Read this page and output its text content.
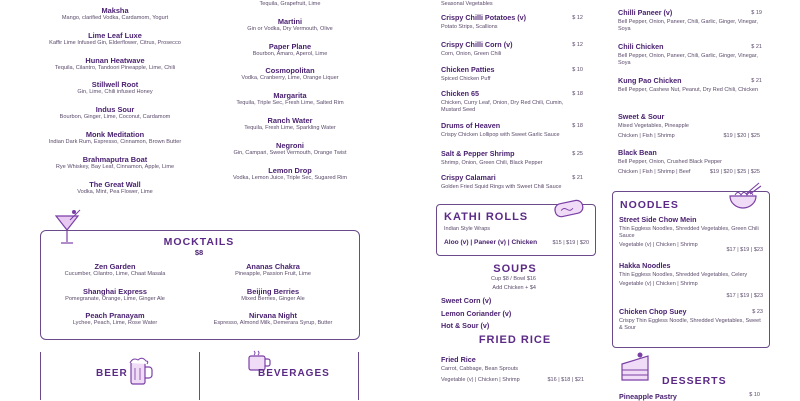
Maksha
Mango, clarified Vodka, Cardamom, Yogurt
Lime Leaf Luxe
Kaffir Lime Infused Gin, Elderflower, Citrus, Prosecco
Hunan Heatwave
Tequila, Cilantro, Tandoori Pineapple, Lime, Chili
Stillwell Root
Gin, Lime, Chili infused Honey
Indus Sour
Bourbon, Ginger, Lime, Coconut, Cardamom
Monk Meditation
Indian Dark Rum, Espresso, Cinnamon, Brown Butter
Brahmaputra Boat
Rye Whiskey, Bay Leaf, Cinnamon, Apple, Lime
The Great Wall
Vodka, Mint, Pea Flower, Lime
Tequila, Grapefruit, Lime
Martini
Gin or Vodka, Dry Vermouth, Olive
Paper Plane
Bourbon, Amaro, Aperol, Lime
Cosmopolitan
Vodka, Cranberry, Lime, Orange Liquer
Margarita
Tequila, Triple Sec, Fresh Lime, Salted Rim
Ranch Water
Tequila, Fresh Lime, Sparkling Water
Negroni
Gin, Campari, Sweet Vermouth, Orange Twist
Lemon Drop
Vodka, Lemon Juice, Triple Sec, Sugared Rim
MOCKTAILS
$8
Zen Garden
Cucumber, Cilantro, Lime, Chaat Masala
Shanghai Express
Pomegranate, Orange, Lime, Ginger Ale
Peach Pranayam
Lychee, Peach, Lime, Rose Water
Ananas Chakra
Pineapple, Passion Fruit, Lime
Beijing Berries
Mixed Berries, Ginger Ale
Nirvana Night
Espresso, Almond Milk, Demerara Syrup, Butter
BEER	BEVERAGES
Seasonal Vegetables
Crispy Chilli Potatoes (v)
Potato Strips, Scallions
$ 12
Crispy Chilli Corn (v)
Corn, Onion, Green Chili
$ 12
Chicken Patties
Spiced Chicken Puff
$ 10
Chicken 65
Chicken, Curry Leaf, Onion, Dry Red Chili, Cumin, Mustard Seed
$ 18
Drums of Heaven
Crispy Chicken Lollipop with Sweet Garlic Sauce
$ 18
Salt & Pepper Shrimp
Shrimp, Onion, Green Chili, Black Pepper
$ 25
Crispy Calamari
Golden Fried Squid Rings with Sweet Chili Sauce
$ 21
KATHI ROLLS
Indian Style Wraps
Aloo (v) | Paneer (v) | Chicken	$15 | $19 | $20
SOUPS
Cup $8 / Bowl $16
Add Chicken + $4
Sweet Corn (v)
Lemon Coriander (v)
Hot & Sour (v)
FRIED RICE
Fried Rice
Carrot, Cabbage, Bean Sprouts
Vegetable (v) | Chicken | Shrimp	$16 | $18 | $21
Chilli Paneer (v)
Bell Pepper, Onion, Paneer, Chili, Garlic, Ginger, Vinegar, Soya
$ 19
Chili Chicken
Bell Pepper, Onion, Paneer, Chili, Garlic, Ginger, Vinegar, Soya
$ 21
Kung Pao Chicken
Bell Pepper, Cashew Nut, Peanut, Dry Red Chili, Chicken
$ 21
Sweet & Sour
Mixed Vegetables, Pineapple
Chicken | Fish | Shrimp	$19 | $20 | $25
Black Bean
Bell Pepper, Onion, Crushed Black Pepper
Chicken | Fish | Shrimp | Beef	$19 | $20 | $25 | $25
NOODLES
Street Side Chow Mein
Thin Eggless Noodles, Shredded Vegetables, Green Chili Sauce
Vegetable (v) | Chicken | Shrimp
$17 | $19 | $23
Hakka Noodles
Thin Eggless Noodles, Shredded Vegetables, Celery
Vegetable (v) | Chicken | Shrimp
$17 | $19 | $23
Chicken Chop Suey
Crispy Thin Eggless Noodle, Shredded Vegetables, Sweet & Sour
$ 23
DESSERTS
Pineapple Pastry	$ 10
